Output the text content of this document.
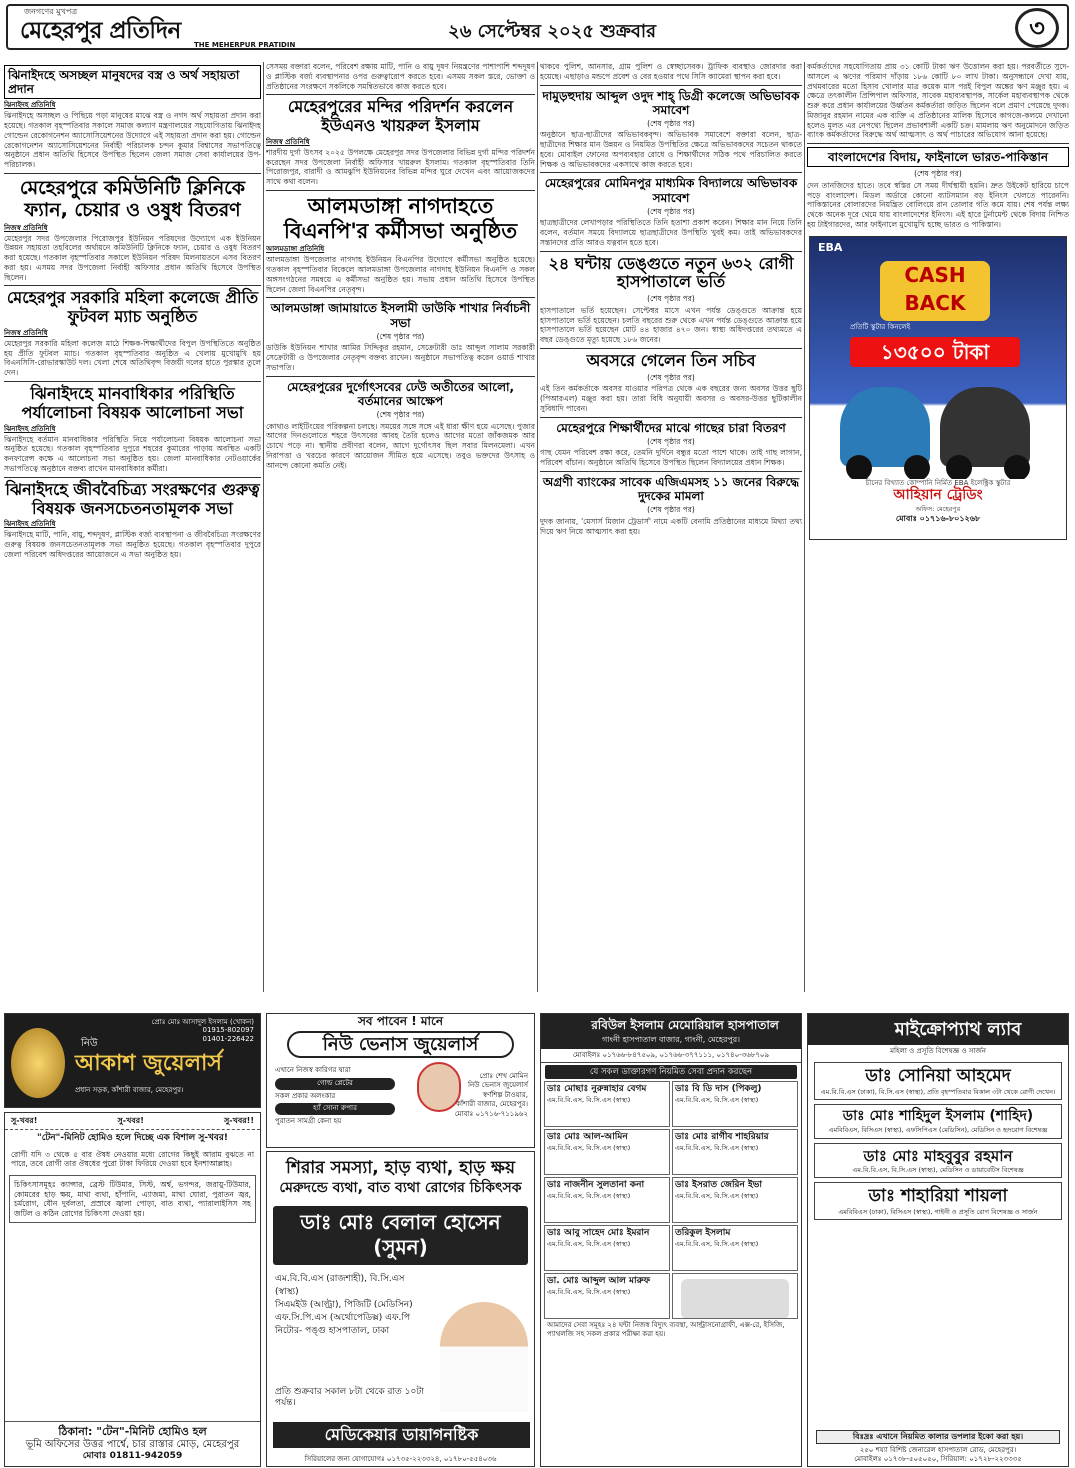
জনগণের মুখপত্র
মেহেরপুর প্রতিদিন
THE MEHERPUR PRATIDIN
২৬ সেপ্টেম্বর ২০২৫ শুক্রবার	৩
ঝিনাইদহে অসচ্ছল মানুষদের বস্ত্র ও অর্থ সহায়তা প্রদান
ঝিনাইদহ প্রতিনিধি
ঝিনাইদহে অসচ্ছল ও পিছিয়ে পড়া মানুষের মাঝে বস্ত্র ও নগদ অর্থ সহায়তা প্রদান করা হয়েছে। গতকাল বৃহস্পতিবার সকালে সমাজ কল্যাণ মন্ত্রণালয়ের সহযোগিতায় ঝিনাইদহ গোল্ডেন রেকোগনেশন অ্যাসোসিয়েশনের উদ্যোগে এই সহায়তা প্রদান করা হয়। গোল্ডেন রেকোগনেশন অ্যাসোসিয়েশনের নির্বাহী পরিচালক চন্দন কুমার বিশ্বাসের সভাপতিত্বে অনুষ্ঠানে প্রধান অতিথি হিসেবে উপস্থিত ছিলেন জেলা সমাজ সেবা কার্যালয়ের উপ-পরিচালক।
মেহেরপুরে কমিউনিটি ক্লিনিকে ফ্যান, চেয়ার ও ওষুধ বিতরণ
নিজস্ব প্রতিনিধি
মেহেরপুর সদর উপজেলার পিরোজপুর ইউনিয়ন পরিষদের উদ্যোগে এক ইউনিয়ন উন্নয়ন সহায়তা তহবিলের অর্থায়নে কমিউনিটি ক্লিনিকে ফ্যান, চেয়ার ও ওষুধ বিতরণ করা হয়েছে। গতকাল বৃহস্পতিবার সকালে ইউনিয়ন পরিষদ মিলনায়তনে এসব বিতরণ করা হয়। এসময় সদর উপজেলা নির্বাহী অফিসার প্রধান অতিথি হিসেবে উপস্থিত ছিলেন।
মেহেরপুর সরকারি মহিলা কলেজে প্রীতি ফুটবল ম্যাচ অনুষ্ঠিত
নিজস্ব প্রতিনিধি
মেহেরপুর সরকারি মহিলা কলেজ মাঠে শিক্ষক-শিক্ষার্থীদের বিপুল উপস্থিতিতে অনুষ্ঠিত হয় প্রীতি ফুটবল ম্যাচ। গতকাল বৃহস্পতিবার অনুষ্ঠিত এ খেলায় মুখোমুখি হয় বিএনসিসি-রোভারস্কাউট দল। খেলা শেষে অতিথিবৃন্দ বিজয়ী দলের হাতে পুরস্কার তুলে দেন।
ঝিনাইদহে মানবাধিকার পরিস্থিতি পর্যালোচনা বিষয়ক আলোচনা সভা
ঝিনাইদহ প্রতিনিধি
ঝিনাইদহে বর্তমান মানবাধিকার পরিস্থিতি নিয়ে পর্যালোচনা বিষয়ক আলোচনা সভা অনুষ্ঠিত হয়েছে। গতকাল বৃহস্পতিবার দুপুরে শহরের কুমারের পাড়ায় অবস্থিত একটি কনফারেন্স কক্ষে এ আলোচনা সভা অনুষ্ঠিত হয়। জেলা মানবাধিকার নেটওয়ার্কের সভাপতিত্বে অনুষ্ঠানে বক্তব্য রাখেন মানবাধিকার কর্মীরা।
ঝিনাইদহে জীববৈচিত্র্য সংরক্ষণের গুরুত্ব বিষয়ক জনসচেতনতামূলক সভা
ঝিনাইদহ প্রতিনিধি
ঝিনাইদহে মাটি, পানি, বায়ু, শব্দদূষণ, প্লাস্টিক বর্জ্য ব্যবস্থাপনা ও জীববৈচিত্র্য সংরক্ষণের গুরুত্ব বিষয়ক জনসচেতনতামূলক সভা অনুষ্ঠিত হয়েছে। গতকাল বৃহস্পতিবার দুপুরে জেলা পরিবেশ অধিদপ্তরের আয়োজনে এ সভা অনুষ্ঠিত হয়।
সেসময় বক্তারা বলেন, পরিবেশ রক্ষায় মাটি, পানি ও বায়ু দূষণ নিয়ন্ত্রণের পাশাপাশি শব্দদূষণ ও প্লাস্টিক বর্জ্য ব্যবস্থাপনার ওপর গুরুত্বারোপ করতে হবে। এসময় সকল স্তরে, ভোক্তা ও প্রতিষ্ঠানের সংরক্ষণে সকলিকে সমন্বিতভাবে কাজ করতে হবে।
মেহেরপুরের মন্দির পরিদর্শন করলেন ইউএনও খায়রুল ইসলাম
নিজস্ব প্রতিনিধি
শারদীয় দুর্গা উৎসব ২০২৫ উপলক্ষে মেহেরপুর সদর উপজেলার বিভিন্ন দুর্গা মন্দির পরিদর্শন করেছেন সদর উপজেলা নির্বাহী অফিসার খায়রুল ইসলাম। গতকাল বৃহস্পতিবার তিনি পিরোজপুর, বারাদী ও আমঝুপি ইউনিয়নের বিভিন্ন মন্দির ঘুরে দেখেন এবং আয়োজকদের সাথে কথা বলেন।
আলমডাঙ্গা নাগদাহতে বিএনপি'র কর্মীসভা অনুষ্ঠিত
আলমডাঙ্গা প্রতিনিধি
আলমডাঙ্গা উপজেলার নাগদাহ ইউনিয়ন বিএনপির উদ্যোগে কর্মীসভা অনুষ্ঠিত হয়েছে। গতকাল বৃহস্পতিবার বিকেলে আলমডাঙ্গা উপজেলার নাগদাহ ইউনিয়ন বিএনপি ও সকল অঙ্গসংগঠনের সমন্বয়ে এ কর্মীসভা অনুষ্ঠিত হয়। সভায় প্রধান অতিথি হিসেবে উপস্থিত ছিলেন জেলা বিএনপির নেতৃবৃন্দ।
আলমডাঙ্গা জামায়াতে ইসলামী ডাউকি শাখার নির্বাচনী সভা
(শেষ পৃষ্ঠার পর)
ডাউকি ইউনিয়ন শাখার আমির সিদ্দিকুর রহমান, সেক্রেটারী ডাঃ আব্দুল সালাম সরকারী সেক্রেটারী ও উপজেলার নেতৃবৃন্দ বক্তব্য রাখেন। অনুষ্ঠানে সভাপতিত্ব করেন ওয়ার্ড শাখার সভাপতি।
মেহেরপুরের দুর্গোৎসবের ঢেউ অতীতের আলো, বর্তমানের আক্ষেপ
(শেষ পৃষ্ঠার পর)
কোথাও লাইটিংয়ের পরিকল্পনা চলছে। সময়ের সঙ্গে সঙ্গে এই ধারা ক্ষীণ হয়ে এসেছে। পুজার আগের দিনগুলোতে শহরে উৎসবের আবহ তৈরি হলেও আগের মতো জাঁকজমক আর চোখে পড়ে না। স্থানীয় প্রবীণরা বলেন, আগে দুর্গোৎসব ছিল সবার মিলনমেলা। এখন নিরাপত্তা ও খরচের কারণে আয়োজন সীমিত হয়ে এসেছে। তবুও ভক্তদের উৎসাহ ও আনন্দে কোনো কমতি নেই।
থাকবে পুলিশ, আনসার, গ্রাম পুলিশ ও স্বেচ্ছাসেবক। ট্রাফিক ব্যবস্থাও জোরদার করা হয়েছে। এছাড়াও মন্ডপে প্রবেশ ও বের হওয়ার পথে সিসি ক্যামেরা স্থাপন করা হবে।
দামুড়হুদায় আব্দুল ওদুদ শাহ্ ডিগ্রী কলেজে অভিভাবক সমাবেশ
(শেষ পৃষ্ঠার পর)
অনুষ্ঠানে ছাত্র-ছাত্রীদের অভিভাবকবৃন্দ। অভিভাবক সমাবেশে বক্তারা বলেন, ছাত্র-ছাত্রীদের শিক্ষার মান উন্নয়ন ও নিয়মিত উপস্থিতির ক্ষেত্রে অভিভাবকদের সচেতন থাকতে হবে। মোবাইল ফোনের অপব্যবহার রোধে ও শিক্ষার্থীদের সঠিক পথে পরিচালিত করতে শিক্ষক ও অভিভাবকদের একসাথে কাজ করতে হবে।
মেহেরপুরের মোমিনপুর মাধ্যমিক বিদ্যালয়ে অভিভাবক সমাবেশ
(শেষ পৃষ্ঠার পর)
ছাত্রছাত্রীদের লেখাপড়ার পরিস্থিতিতে তিনি হতাশা প্রকাশ করেন। শিক্ষার মান নিয়ে তিনি বলেন, বর্তমান সময়ে বিদ্যালয়ে ছাত্রছাত্রীদের উপস্থিতি খুবই কম। তাই অভিভাবকদের সন্তানদের প্রতি আরও যত্নবান হতে হবে।
২৪ ঘন্টায় ডেঙ্গুতে নতুন ৬৩২ রোগী হাসপাতালে ভর্তি
(শেষ পৃষ্ঠার পর)
হাসপাতালে ভর্তি হয়েছেন। সেপ্টেম্বর মাসে এখন পর্যন্ত ডেঙ্গুতে আক্রান্ত হয়ে হাসপাতালে ভর্তি হয়েছেন। চলতি বছরের শুরু থেকে এখন পর্যন্ত ডেঙ্গুতে আক্রান্ত হয়ে হাসপাতালে ভর্তি হয়েছেন মোট ৪৪ হাজার ৪৭০ জন। স্বাস্থ্য অধিদপ্তরের তথ্যমতে এ বছর ডেঙ্গুতে মৃত্যু হয়েছে ১৮৬ জনের।
অবসরে গেলেন তিন সচিব
(শেষ পৃষ্ঠার পর)
এই তিন কর্মকর্তাকে অবসর যাওয়ার পরিপত্র থেকে এক বছরের জন্য অবসর উত্তর ছুটি (পিআরএল) মঞ্জুর করা হয়। তারা বিধি অনুযায়ী অবসর ও অবসর-উত্তর ছুটিকালীন সুবিধাদি পাবেন।
মেহেরপুরে শিক্ষার্থীদের মাঝে গাছের চারা বিতরণ
(শেষ পৃষ্ঠার পর)
গাছ যেমন পরিবেশ রক্ষা করে, তেমনি দুর্দিনে বন্ধুর মতো পাশে থাকে। তাই গাছ লাগান, পরিবেশ বাঁচান। অনুষ্ঠানে অতিথি হিসেবে উপস্থিত ছিলেন বিদ্যালয়ের প্রধান শিক্ষক।
অগ্রণী ব্যাংকের সাবেক এজিএমসহ ১১ জনের বিরুদ্ধে দুদকের মামলা
(শেষ পৃষ্ঠার পর)
দুদক জানায়, 'মেসার্স মিজান ট্রেডার্স' নামে একটি বেনামি প্রতিষ্ঠানের মাধ্যমে মিথ্যা তথ্য দিয়ে ঋণ নিয়ে আত্মসাৎ করা হয়।
কর্মকর্তাদের সহযোগিতায় প্রায় ৩১ কোটি টাকা ঋণ উত্তোলন করা হয়। পরবর্তীতে সুদে-আসলে এ ঋণের পরিমাণ দাঁড়ায় ১৮৬ কোটি ৮০ লাখ টাকা। অনুসন্ধানে দেখা যায়, প্রথমবারের মতো হিসাব খোলার মাত্র কয়েক মাস পরই বিপুল অঙ্কের ঋণ মঞ্জুর হয়। এ ক্ষেত্রে তৎকালীন প্রিন্সিপাল অফিসার, সাবেক মহাব্যবস্থাপক, সার্কেল মহাব্যবস্থাপক থেকে শুরু করে প্রধান কার্যালয়ের উর্ধ্বতন কর্মকর্তারা জড়িত ছিলেন বলে প্রমাণ পেয়েছে দুদক। মিজানুর রহমান নামের এক ব্যক্তি এ প্রতিষ্ঠানের মালিক হিসেবে কাগজে-কলমে দেখানো হলেও মূলত এর নেপথ্যে ছিলেন প্রভাবশালী একটি চক্র। মামলায় ঋণ অনুমোদনে জড়িত ব্যাংক কর্মকর্তাদের বিরুদ্ধে অর্থ আত্মসাৎ ও অর্থ পাচারের অভিযোগ আনা হয়েছে।
বাংলাদেশের বিদায়, ফাইনালে ভারত-পাকিস্তান
(শেষ পৃষ্ঠার পর)
দেন তানজিদের হাতে। তবে স্বস্তির সে সময় দীর্ঘস্থায়ী হয়নি। দ্রুত উইকেট হারিয়ে চাপে পড়ে বাংলাদেশ। মিডল অর্ডারে কোনো ব্যাটসম্যান বড় ইনিংস খেলতে পারেননি। পাকিস্তানের বোলারদের নিয়ন্ত্রিত বোলিংয়ে রান তোলার গতি কমে যায়। শেষ পর্যন্ত লক্ষ্য থেকে অনেক দূরে থেমে যায় বাংলাদেশের ইনিংস। এই হারে টুর্নামেন্ট থেকে বিদায় নিশ্চিত হয় টাইগারদের, আর ফাইনালে মুখোমুখি হচ্ছে ভারত ও পাকিস্তান।
EBA
CASH BACK
প্রতিটি স্কুটার কিনলেই
১৩৫০০ টাকা
চীনের বিখ্যাত কোম্পানি নির্মিত EBA ইলেক্ট্রিক স্কুটার
আহিয়ান ট্রেডিং
অফিস: মেহেরপুর
মোবাঃ ০১৭১৬-৮০১২৬৮
প্রোঃ মোঃ আসাদুল ইসলাম (খোকন)
01915-802097
01401-226422
নিউ
আকাশ জুয়েলার্স
প্রধান সড়ক, কাঁশারী বাজার, মেহেরপুর।
সু-খবর!	সু-খবর!	সু-খবর!!
"টেন"-মিনিট হোমিও হলে দিচ্ছে এক বিশাল সু-খবর!
রোগী যদি ৩ থেকে ৫ বার ঔষধ নেওয়ার মধ্যে রোগের কিছুই আরাম বুঝতে না পারে, তবে রোগী তার ঔষধের পুরো টাকা ফিরিয়ে দেওয়া হবে ইনশাআল্লাহ।
চিকিৎসাসমূহঃ ক্যান্সার, ব্রেস্ট টিউমার, সিস্ট, অর্শ্ব, ভগন্দর, জরায়ু-টিউমার, কোমরের হাড় ক্ষয়, মাথা ব্যথা, হাঁপানি, এ্যাজমা, মাথা ঘোরা, পুরাতন জ্বর, চর্মরোগ, যৌন দুর্বলতা, প্রস্রাবে জ্বালা পোড়া, বাত ব্যথা, প্যারালাইসিস সহ জটিল ও কঠিন রোগের চিকিৎসা দেওয়া হয়।
ঠিকানা: "টেন"-মিনিট হোমিও হল
ভূমি অফিসের উত্তর পার্শ্বে, চার রাস্তার মোড়, মেহেরপুর
মোবাঃ 01811-942059
সব পাবেন ! মানে
নিউ ভেনাস জুয়েলার্স
এখানে নিজস্ব কারিগর দ্বারা
গোল্ড প্লেটের
সকল প্রকার অলংকার
হ্যাঁ সোনা রুপার
পুরাতন সামগ্রী কেনা হয়
প্রোঃ শেখ মোমিন
নিউ ভেনাস জুয়েলার্স
স্বর্ণশিল্প টাওয়ার,
কাঁশারী বাজার, মেহেরপুর।
মোবাঃ ০১৭১৬-৭১১৯৬২
শিরার সমস্যা, হাড় ব্যথা, হাড় ক্ষয়
মেরুদন্ডে ব্যথা, বাত ব্যথা রোগের চিকিৎসক
ডাঃ মোঃ বেলাল হোসেন (সুমন)
এম.বি.বি.এস (রাজশাহী), বি.সি.এস (স্বাস্থ্য)
সিএমইউ (আল্ট্রা), পিজিটি (মেডিসিন)
এফ.সি.পি.এস (অর্থোপেডিক্স) এফ.পি
নিটোর- পঙ্গু হাসপাতাল, ঢাকা
প্রতি শুক্রবার সকাল ৮টা থেকে রাত ১০টা পর্যন্ত।
মেডিকেয়ার ডায়াগনষ্টিক
সিরিয়ালের জন্য যোগাযোগঃ ০১৭৩৫-২২৩৩২৪, ০১৭৮০-৫৫৪০৩৬
রবিউল ইসলাম মেমোরিয়াল হাসপাতাল
গাংনী হাসপাতাল বাজার, গাংনী, মেহেরপুর।
মোবাইলঃ ০১৭৬৬-৮৪৭৫০৯, ০১৭৬৬-৩৭৭১১১, ০১৭৪০-৩৬৮৭০৯
যে সকল ডাক্তারগণ নিয়মিত সেবা প্রদান করছেন
ডাঃ মোছাঃ নুরুন্নাহার বেগম
এম.বি.বি.এস, বি.সি.এস (স্বাস্থ্য)
ডাঃ বি ডি দাস (পিকলু)
এম.বি.বি.এস, বি.সি.এস (স্বাস্থ্য)
ডাঃ মোঃ আল-আমিন
এম.বি.বি.এস, বি.সি.এস (স্বাস্থ্য)
ডাঃ মোঃ রাগীব শাহরিয়ার
এম.বি.বি.এস, বি.সি.এস (স্বাস্থ্য)
ডাঃ নাজনীন সুলতানা কনা
এম.বি.বি.এস, বি.সি.এস (স্বাস্থ্য)
ডাঃ ইসরাত জেরিন ইভা
এম.বি.বি.এস, বি.সি.এস (স্বাস্থ্য)
ডাঃ আবু সাহেদ মোঃ ইমরান
এম.বি.বি.এস, বি.সি.এস (স্বাস্থ্য)
তরিকুল ইসলাম
এম.বি.বি.এস, বি.সি.এস (স্বাস্থ্য)
ডা. মোঃ আব্দুল আল মারুফ
এম.বি.বি.এস, বি.সি.এস (স্বাস্থ্য)
আমাদের সেবা সমূহঃ ২৪ ঘন্টা নিজস্ব বিদ্যুৎ ব্যবস্থা, আল্ট্রাসনোগ্রাফী, এক্স-রে, ইসিজি, প্যাথলজি সহ সকল প্রকার পরীক্ষা করা হয়।
মাইক্রোপ্যাথ ল্যাব
মহিলা ও প্রসূতি বিশেষজ্ঞ ও সার্জন
ডাঃ সোনিয়া আহমেদ
এম.বি.বি.এস (ঢাকা), বি.সি.এস (স্বাস্থ্য), প্রতি বৃহস্পতিবার বিকাল ৩টা থেকে রোগী দেখেন।
ডাঃ মোঃ শাহিদুল ইসলাম (শাহিদ)
এমবিবিএস, বিসিএস (স্বাস্থ্য), এফসিপিএস (মেডিসিন), মেডিসিন ও হৃদরোগ বিশেষজ্ঞ
ডাঃ মোঃ মাহবুবুর রহমান
এম.বি.বি.এস, বি.সি.এস (স্বাস্থ্য), মেডিসিন ও ডায়াবেটিস বিশেষজ্ঞ
ডাঃ শাহারিয়া শায়লা
এমবিবিএস (ঢাকা), বিসিএস (স্বাস্থ্য), গাইনী ও প্রসূতি রোগ বিশেষজ্ঞ ও সার্জন
বিঃদ্রঃ এখানে নিয়মিত কালার ডপলার ইকো করা হয়।
২৫০ শয্যা বিশিষ্ট জেনারেল হাসপাতাল রোড, মেহেরপুর।
মোবাইলঃ ০১৭৩৮-৫০৫০৫০, সিরিয়াল: ০১৭২৮-২২৩৩৩৫
